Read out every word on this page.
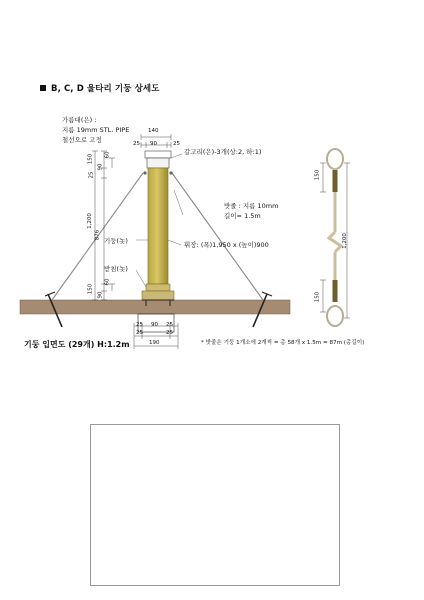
B, C, D 울타리 기둥 상세도
가름대(은) :
지름 19mm STL. PIPE
철선으로 고정
갈고리(은)-3개(상:2, 하:1)
밧줄 : 지름 10mm
길이= 1.5m
휘장: (폭)1,950 x (높이)900
기둥(놋)
받침(놋)
기둥 입면도 (29개) H:1.2m	* 밧줄은 기둥 1개소에 2개씩 = 총 58개 x 1.5m = 87m (총길이)
140
25 90	25
150
90
60
25
1,200
876
60
150
90
25 90 25
25	25
190
150
1,200
150
